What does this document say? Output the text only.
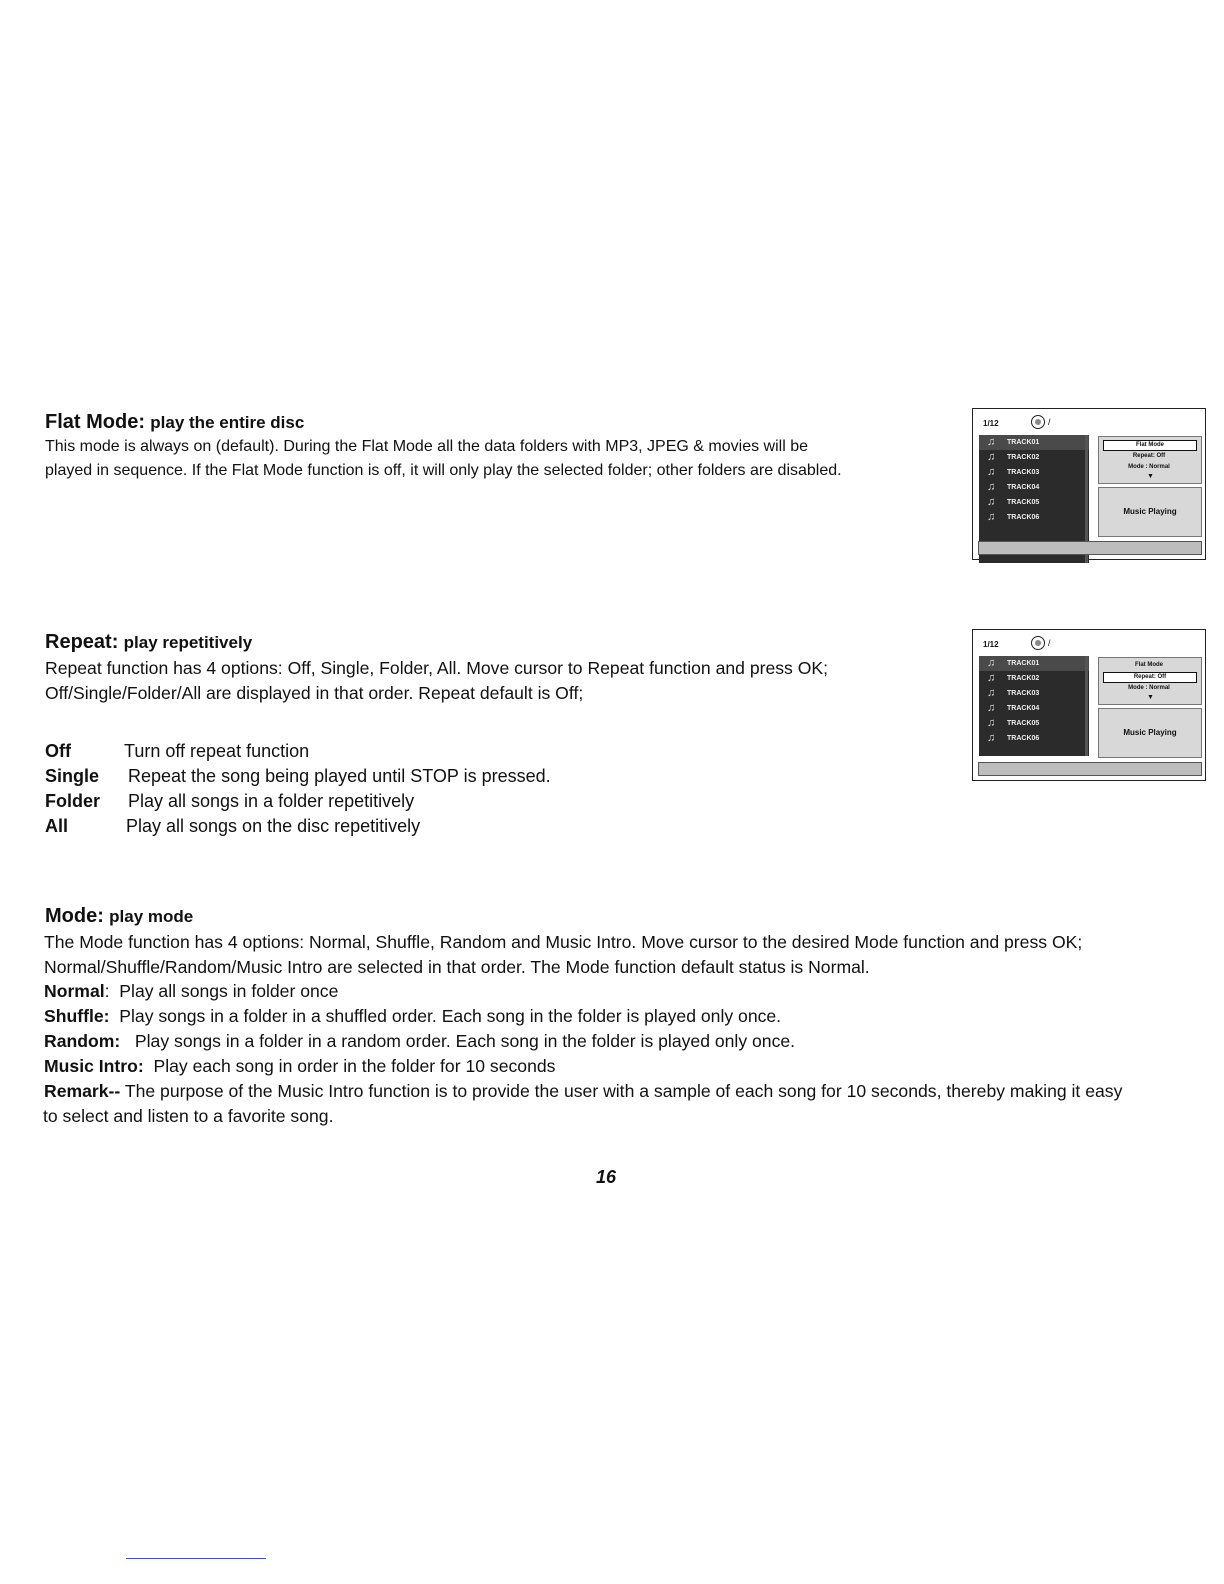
Flat Mode: play the entire disc
This mode is always on (default). During the Flat Mode all the data folders with MP3, JPEG & movies will be
played in sequence. If the Flat Mode function is off, it will only play the selected folder; other folders are disabled.
1/12	/
♫ TRACK01
♫ TRACK02
♫ TRACK03
♫ TRACK04
♫ TRACK05
♫ TRACK06
Flat Mode
Repeat: Off
Mode : Normal
▼
Music Playing
Repeat: play repetitively
Repeat function has 4 options: Off, Single, Folder, All. Move cursor to Repeat function and press OK;
Off/Single/Folder/All are displayed in that order. Repeat default is Off;
Off	Turn off repeat function
Single Repeat the song being played until STOP is pressed.
Folder Play all songs in a folder repetitively
All	Play all songs on the disc repetitively
1/12	/
♫ TRACK01
♫ TRACK02
♫ TRACK03
♫ TRACK04
♫ TRACK05
♫ TRACK06
Flat Mode
Repeat: Off
Mode : Normal
▼
Music Playing
Mode: play mode
The Mode function has 4 options: Normal, Shuffle, Random and Music Intro. Move cursor to the desired Mode function and press OK;
Normal/Shuffle/Random/Music Intro are selected in that order. The Mode function default status is Normal.
Normal: Play all songs in folder once
Shuffle: Play songs in a folder in a shuffled order. Each song in the folder is played only once.
Random: Play songs in a folder in a random order. Each song in the folder is played only once.
Music Intro: Play each song in order in the folder for 10 seconds
Remark-- The purpose of the Music Intro function is to provide the user with a sample of each song for 10 seconds, thereby making it easy
to select and listen to a favorite song.
16
